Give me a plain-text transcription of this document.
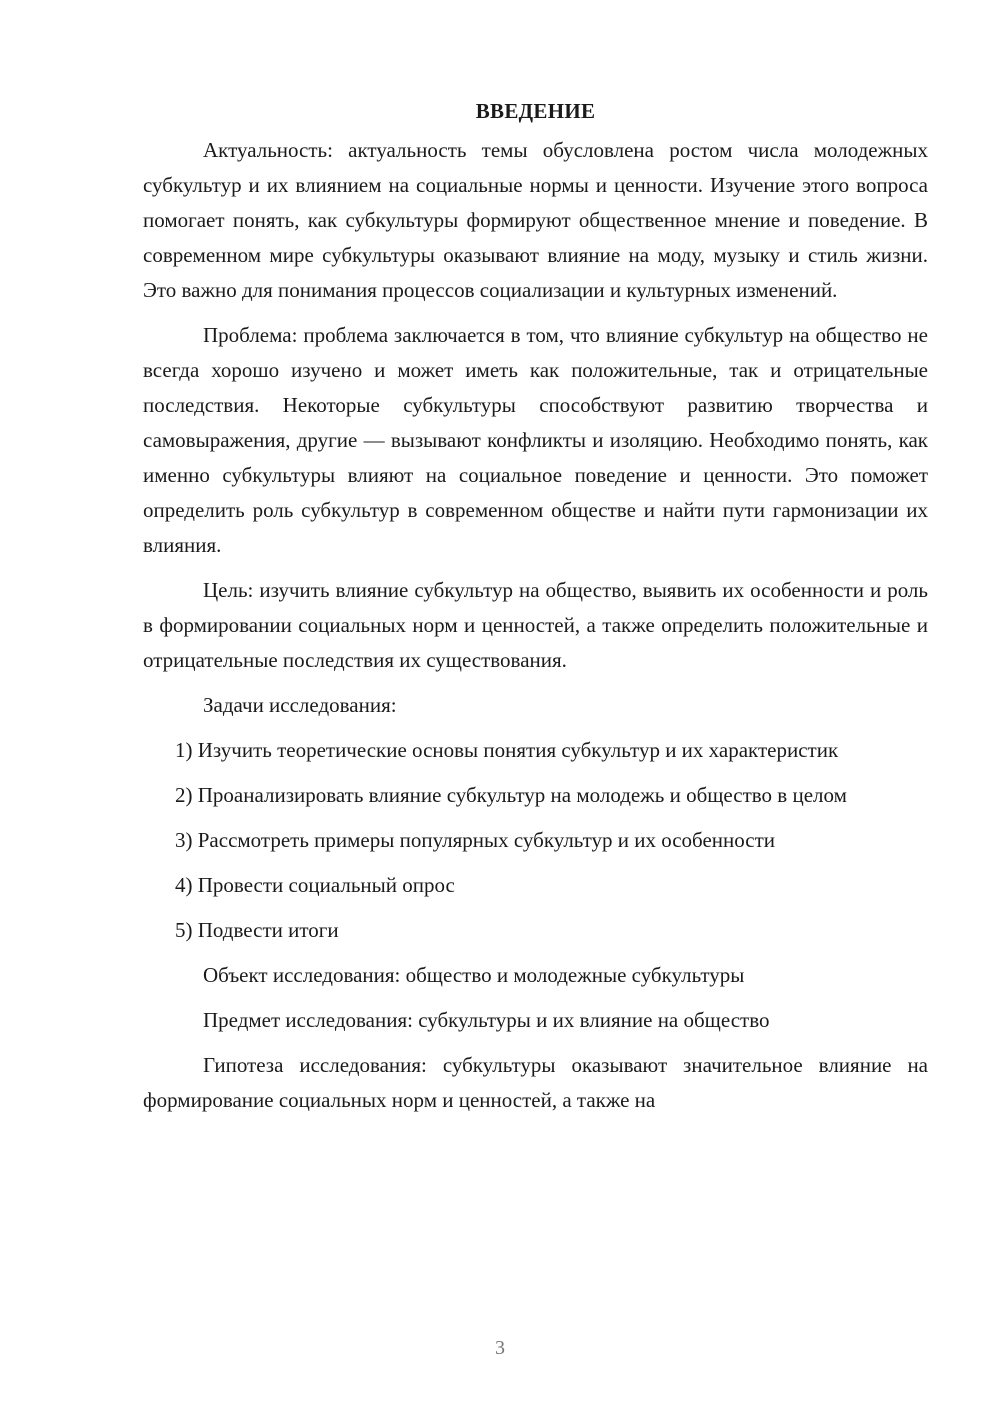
ВВЕДЕНИЕ

Актуальность: актуальность темы обусловлена ростом числа молодежных субкультур и их влиянием на социальные нормы и ценности. Изучение этого вопроса помогает понять, как субкультуры формируют общественное мнение и поведение. В современном мире субкультуры оказывают влияние на моду, музыку и стиль жизни. Это важно для понимания процессов социализации и культурных изменений.

Проблема: проблема заключается в том, что влияние субкультур на общество не всегда хорошо изучено и может иметь как положительные, так и отрицательные последствия. Некоторые субкультуры способствуют развитию творчества и самовыражения, другие — вызывают конфликты и изоляцию. Необходимо понять, как именно субкультуры влияют на социальное поведение и ценности. Это поможет определить роль субкультур в современном обществе и найти пути гармонизации их влияния.

Цель: изучить влияние субкультур на общество, выявить их особенности и роль в формировании социальных норм и ценностей, а также определить положительные и отрицательные последствия их существования.

Задачи исследования:

1) Изучить теоретические основы понятия субкультур и их характеристик

2) Проанализировать влияние субкультур на молодежь и общество в целом

3) Рассмотреть примеры популярных субкультур и их особенности

4) Провести социальный опрос

5) Подвести итоги

Объект исследования: общество и молодежные субкультуры

Предмет исследования: субкультуры и их влияние на общество

Гипотеза исследования: субкультуры оказывают значительное влияние на формирование социальных норм и ценностей, а также на

3
